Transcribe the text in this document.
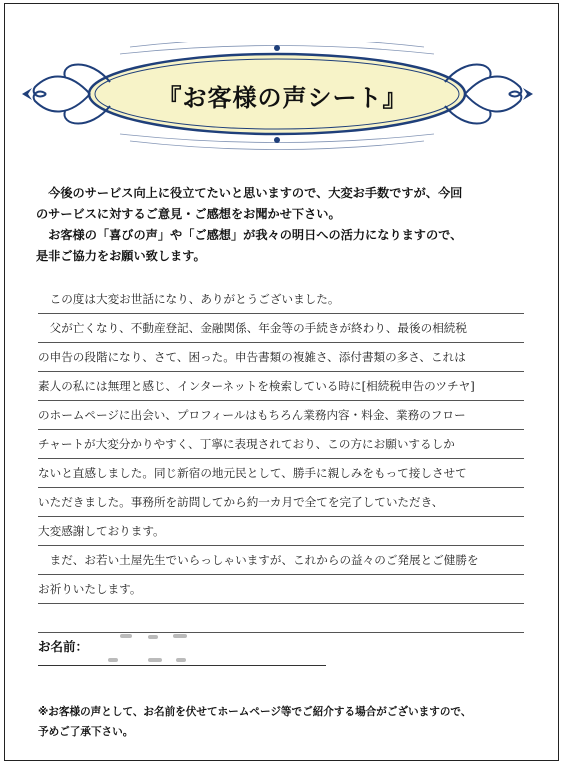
『お客様の声シート』

　今後のサービス向上に役立てたいと思いますので、大変お手数ですが、今回

のサービスに対するご意見・ご感想をお聞かせ下さい。

　お客様の「喜びの声」や「ご感想」が我々の明日への活力になりますので、

是非ご協力をお願い致します。

　この度は大変お世話になり、ありがとうございました。
　父が亡くなり、不動産登記、金融関係、年金等の手続きが終わり、最後の相続税
の申告の段階になり、さて、困った。申告書類の複雑さ、添付書類の多さ、これは
素人の私には無理と感じ、インターネットを検索している時に[相続税申告のツチヤ]
のホームページに出会い、プロフィールはもちろん業務内容・料金、業務のフロー
チャートが大変分かりやすく、丁寧に表現されており、この方にお願いするしか
ないと直感しました。同じ新宿の地元民として、勝手に親しみをもって接しさせて
いただきました。事務所を訪問してから約一カ月で全てを完了していただき、
大変感謝しております。
　まだ、お若い土屋先生でいらっしゃいますが、これからの益々のご発展とご健勝を
お祈りいたします。
お名前：

※お客様の声として、お名前を伏せてホームページ等でご紹介する場合がございますので、

予めご了承下さい。
